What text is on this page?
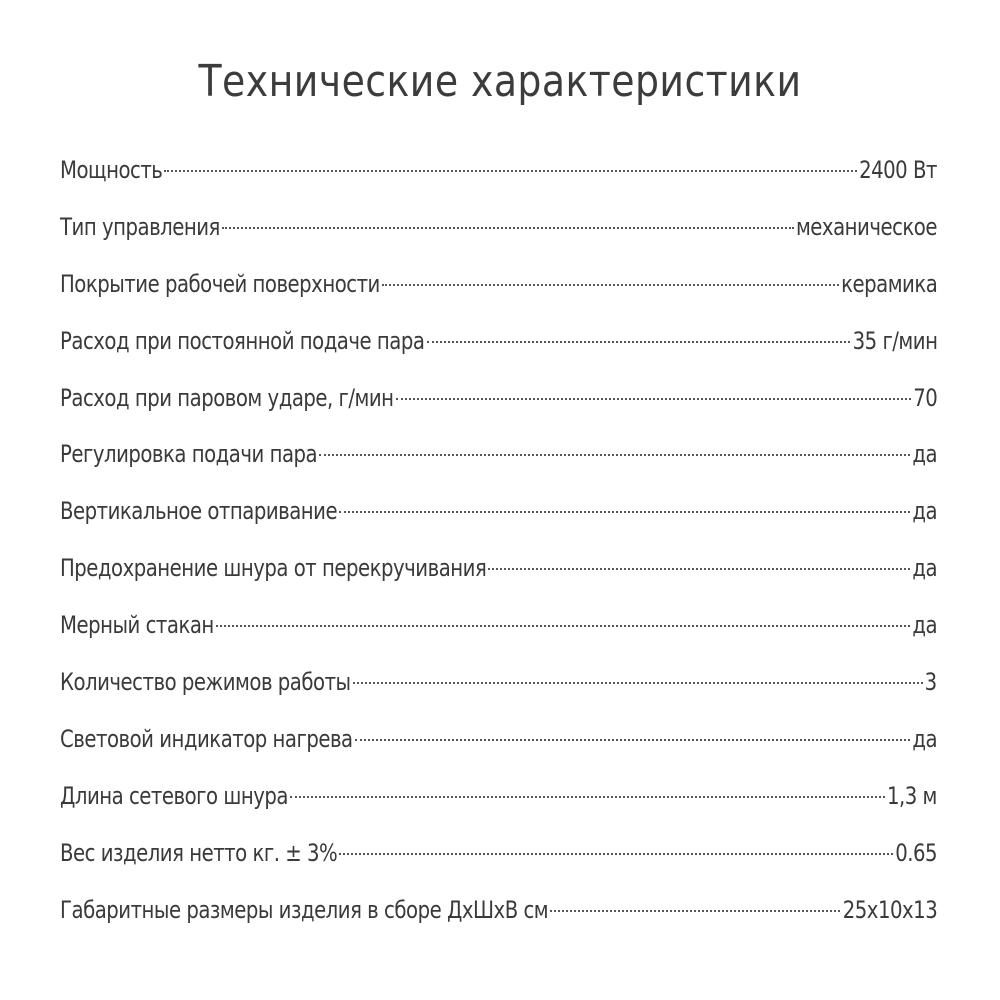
Технические характеристики
Мощность	2400 Вт
Тип управления	механическое
Покрытие рабочей поверхности	керамика
Расход при постоянной подаче пара	35 г/мин
Расход при паровом ударе, г/мин	70
Регулировка подачи пара	да
Вертикальное отпаривание	да
Предохранение шнура от перекручивания	да
Мерный стакан	да
Количество режимов работы	3
Световой индикатор нагрева	да
Длина сетевого шнура	1,3 м
Вес изделия нетто кг. ± 3%	0.65
Габаритные размеры изделия в сборе ДхШхВ см	25х10х13
